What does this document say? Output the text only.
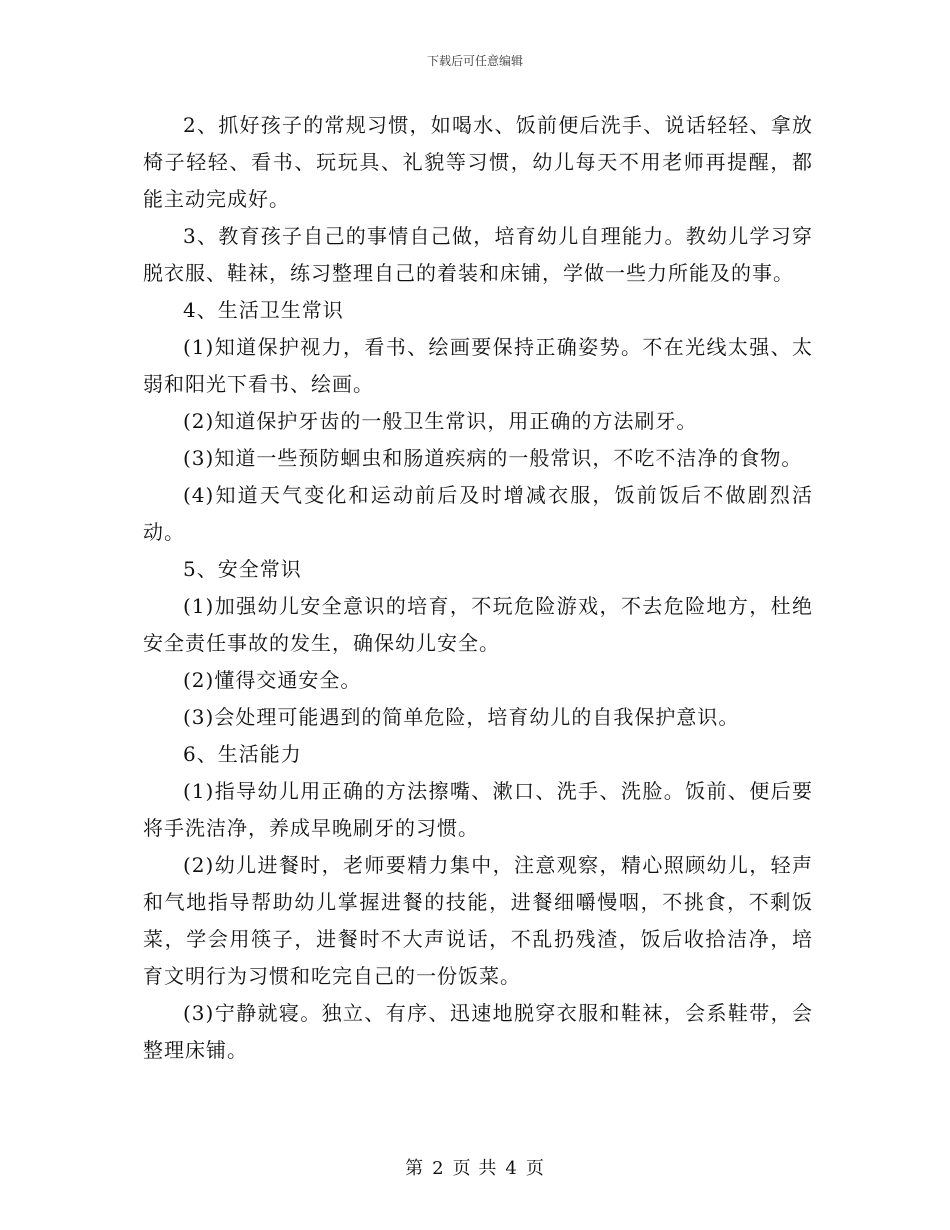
下载后可任意编辑

2、抓好孩子的常规习惯，如喝水、饭前便后洗手、说话轻轻、拿放椅子轻轻、看书、玩玩具、礼貌等习惯，幼儿每天不用老师再提醒，都能主动完成好。

3、教育孩子自己的事情自己做，培育幼儿自理能力。教幼儿学习穿脱衣服、鞋袜，练习整理自己的着装和床铺，学做一些力所能及的事。

4、生活卫生常识

(1)知道保护视力，看书、绘画要保持正确姿势。不在光线太强、太弱和阳光下看书、绘画。

(2)知道保护牙齿的一般卫生常识，用正确的方法刷牙。

(3)知道一些预防蛔虫和肠道疾病的一般常识，不吃不洁净的食物。

(4)知道天气变化和运动前后及时增减衣服，饭前饭后不做剧烈活动。

5、安全常识

(1)加强幼儿安全意识的培育，不玩危险游戏，不去危险地方，杜绝安全责任事故的发生，确保幼儿安全。

(2)懂得交通安全。

(3)会处理可能遇到的简单危险，培育幼儿的自我保护意识。

6、生活能力

(1)指导幼儿用正确的方法擦嘴、漱口、洗手、洗脸。饭前、便后要将手洗洁净，养成早晚刷牙的习惯。

(2)幼儿进餐时，老师要精力集中，注意观察，精心照顾幼儿，轻声和气地指导帮助幼儿掌握进餐的技能，进餐细嚼慢咽，不挑食，不剩饭菜，学会用筷子，进餐时不大声说话，不乱扔残渣，饭后收拾洁净，培育文明行为习惯和吃完自己的一份饭菜。

(3)宁静就寝。独立、有序、迅速地脱穿衣服和鞋袜，会系鞋带，会整理床铺。

第 2 页 共 4 页
